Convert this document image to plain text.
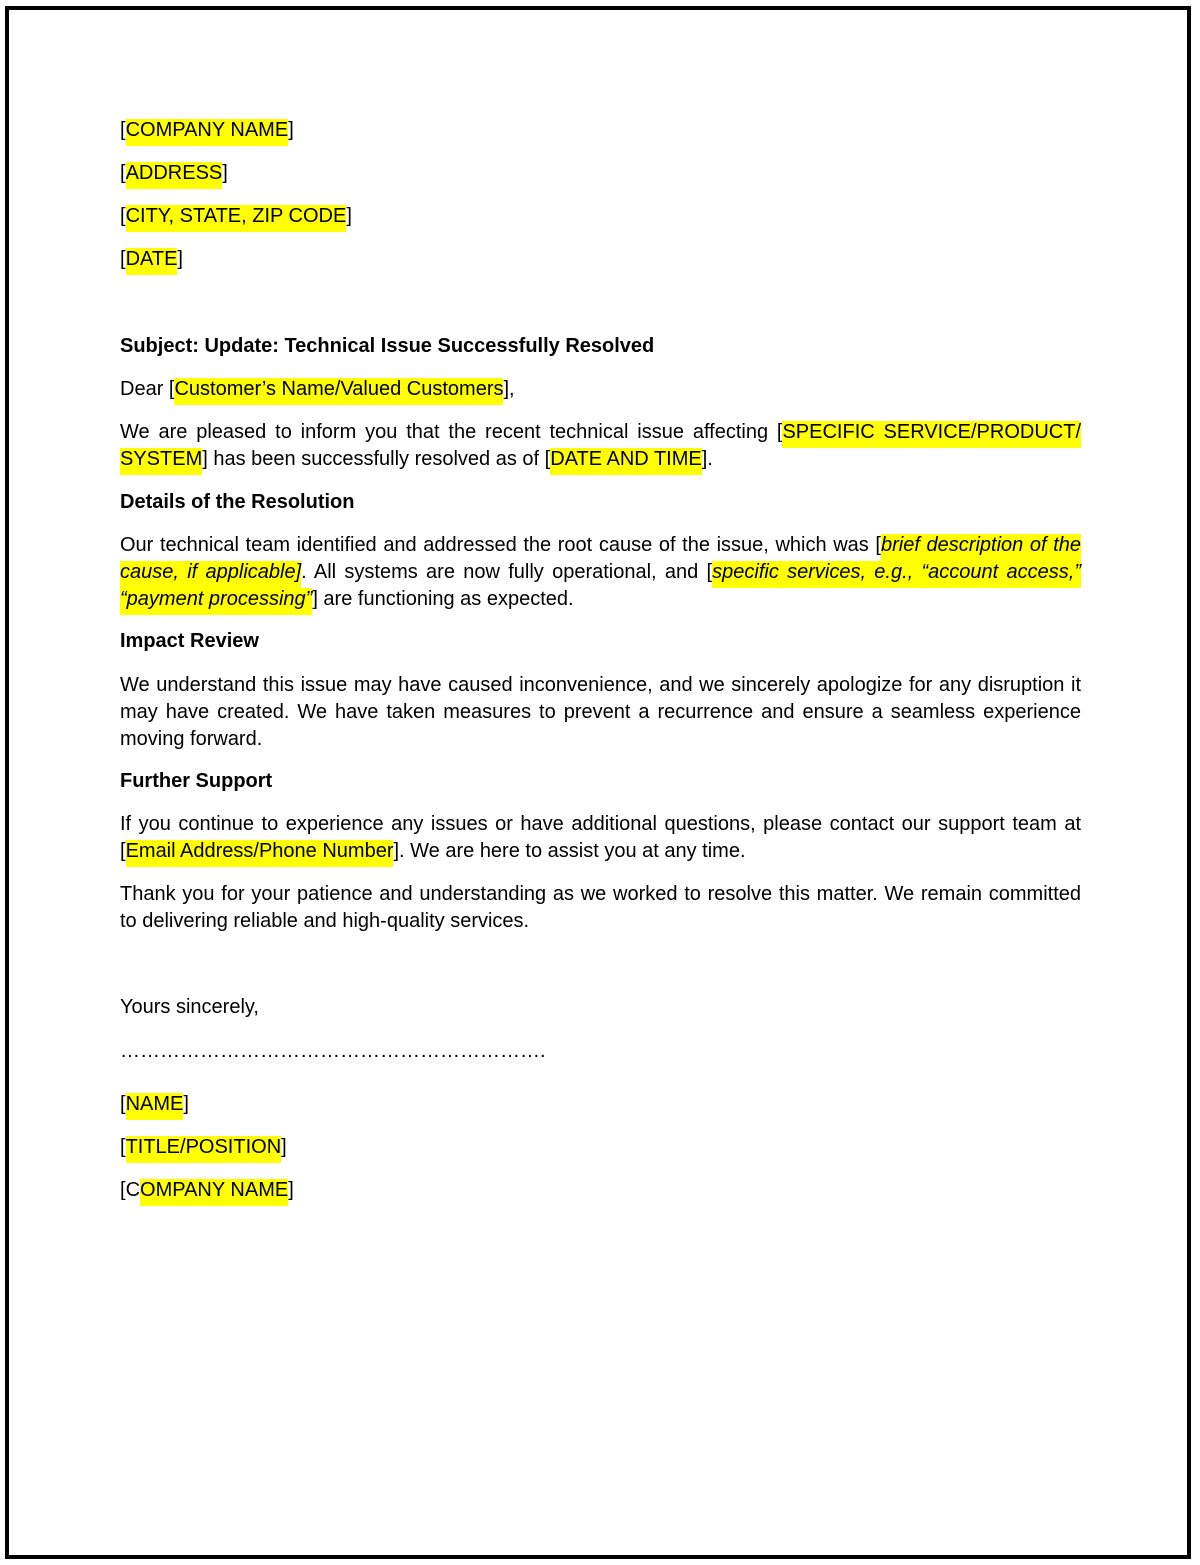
[COMPANY NAME]
[ADDRESS]
[CITY, STATE, ZIP CODE]
[DATE]
Subject: Update: Technical Issue Successfully Resolved
Dear [Customer’s Name/Valued Customers],
We are pleased to inform you that the recent technical issue affecting [SPECIFIC SERVICE/PRODUCT/ SYSTEM] has been successfully resolved as of [DATE AND TIME].
Details of the Resolution
Our technical team identified and addressed the root cause of the issue, which was [brief description of the cause, if applicable]. All systems are now fully operational, and [specific services, e.g., “account access,” “payment processing”] are functioning as expected.
Impact Review
We understand this issue may have caused inconvenience, and we sincerely apologize for any disruption it may have created. We have taken measures to prevent a recurrence and ensure a seamless experience moving forward.
Further Support
If you continue to experience any issues or have additional questions, please contact our support team at [Email Address/Phone Number]. We are here to assist you at any time.
Thank you for your patience and understanding as we worked to resolve this matter. We remain committed to delivering reliable and high-quality services.
Yours sincerely,
……………………………………………………….
[NAME]
[TITLE/POSITION]
[COMPANY NAME]
